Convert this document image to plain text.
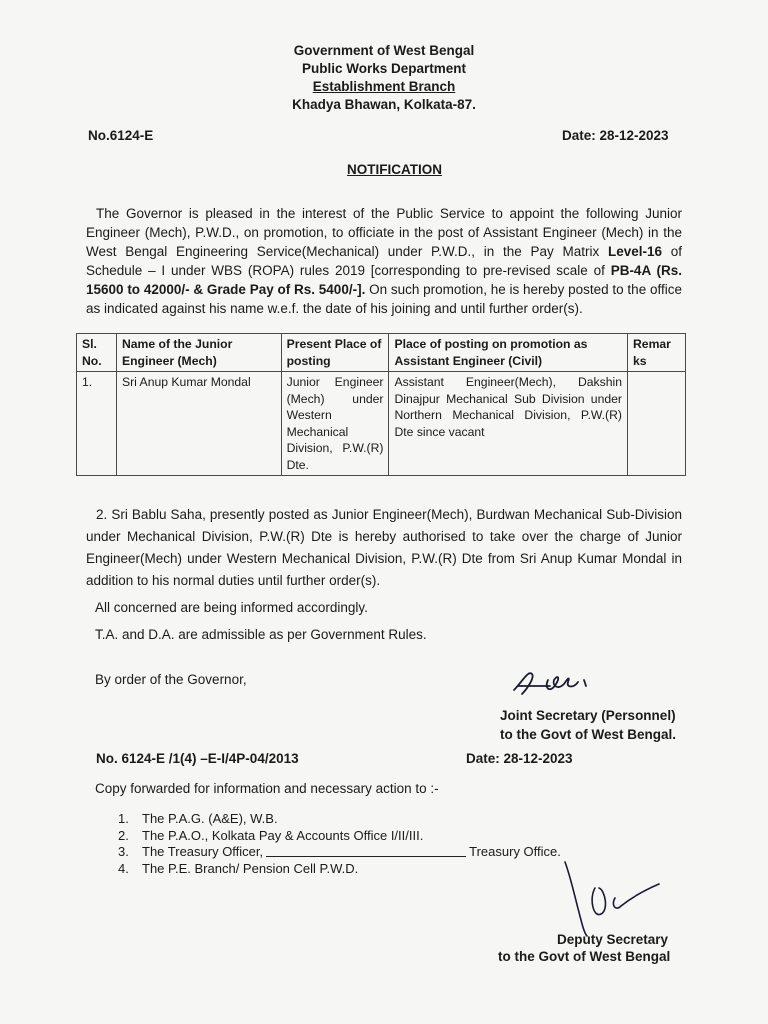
Government of West Bengal
Public Works Department
Establishment Branch
Khadya Bhawan, Kolkata-87.
No.6124-E	Date: 28-12-2023
NOTIFICATION
The Governor is pleased in the interest of the Public Service to appoint the following Junior Engineer (Mech), P.W.D., on promotion, to officiate in the post of Assistant Engineer (Mech) in the West Bengal Engineering Service(Mechanical) under P.W.D., in the Pay Matrix Level-16 of Schedule – I under WBS (ROPA) rules 2019 [corresponding to pre-revised scale of PB-4A (Rs. 15600 to 42000/- & Grade Pay of Rs. 5400/-]. On such promotion, he is hereby posted to the office as indicated against his name w.e.f. the date of his joining and until further order(s).
Sl. No.	Name of the Junior Engineer (Mech)	Present Place of posting	Place of posting on promotion as Assistant Engineer (Civil)	Remar ks
1.	Sri Anup Kumar Mondal	Junior Engineer (Mech) under Western Mechanical Division, P.W.(R) Dte.	Assistant Engineer(Mech), Dakshin Dinajpur Mechanical Sub Division under Northern Mechanical Division, P.W.(R) Dte since vacant	
2. Sri Bablu Saha, presently posted as Junior Engineer(Mech), Burdwan Mechanical Sub-Division under Mechanical Division, P.W.(R) Dte is hereby authorised to take over the charge of Junior Engineer(Mech) under Western Mechanical Division, P.W.(R) Dte from Sri Anup Kumar Mondal in addition to his normal duties until further order(s).
All concerned are being informed accordingly.
T.A. and D.A. are admissible as per Government Rules.
By order of the Governor,
Joint Secretary (Personnel)
to the Govt of West Bengal.
No. 6124-E /1(4) –E-I/4P-04/2013	Date: 28-12-2023
Copy forwarded for information and necessary action to :-
1.	The P.A.G. (A&E), W.B.
2.	The P.A.O., Kolkata Pay & Accounts Office I/II/III.
3.	The Treasury Officer,	Treasury Office.
4.	The P.E. Branch/ Pension Cell P.W.D.
Deputy Secretary
to the Govt of West Bengal
